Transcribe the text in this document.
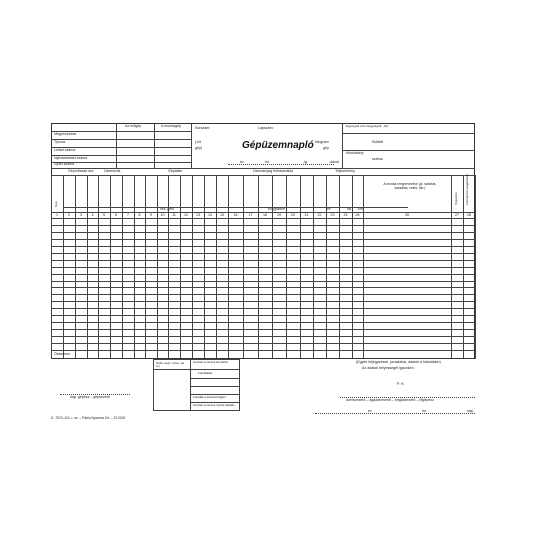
Az erőgép	A munkagép
Megnevezése
Típusa
Leltári száma
Nyilvántartási száma
Gyári száma
Sorszám:	Lapszám:
(-tól
gép)	Gépüzemnapló kilogram
gép
év	hó	-ig	-dával
Egységtől (üzemegységtől, -tól)
Kiöltött
Munkahely
száma
Gépműszak óra	Üzemórák	Gépállás	Üzemanyag felhasználás	Teljesítmény
A munka megnevezése (pl. szántás, kaszálás, vetés, stb.)
óra, perc	Kilogramm	m³	ha km
Nap	Teljesítés Fenntartás megjelölése
1	2	3	4	5	6	7	8	9	10	11	12	13	14	15	16	17	18	19	20	21	22	23	24	25	26	27	28
Összesen
Száll. végz. szám. (ki. tv.)
Kezdett a részek kezdetén
Felvállalás:
Feladás a kezdett lapján
Kezdett a részek nyitott oldalán
(Egyéb feljegyzések, javaslatok, adatok a hátoldalon)
Az adatok helyességét igazolom:
P. H.
üzemvezető – ágazatvezető – brigádvezető – főgépész
év	hó	nap.
fogl. gépész – gépkezelő
D. 7570–110. r. sz. – Pátria Nyomda Zrt. – 23 0150
